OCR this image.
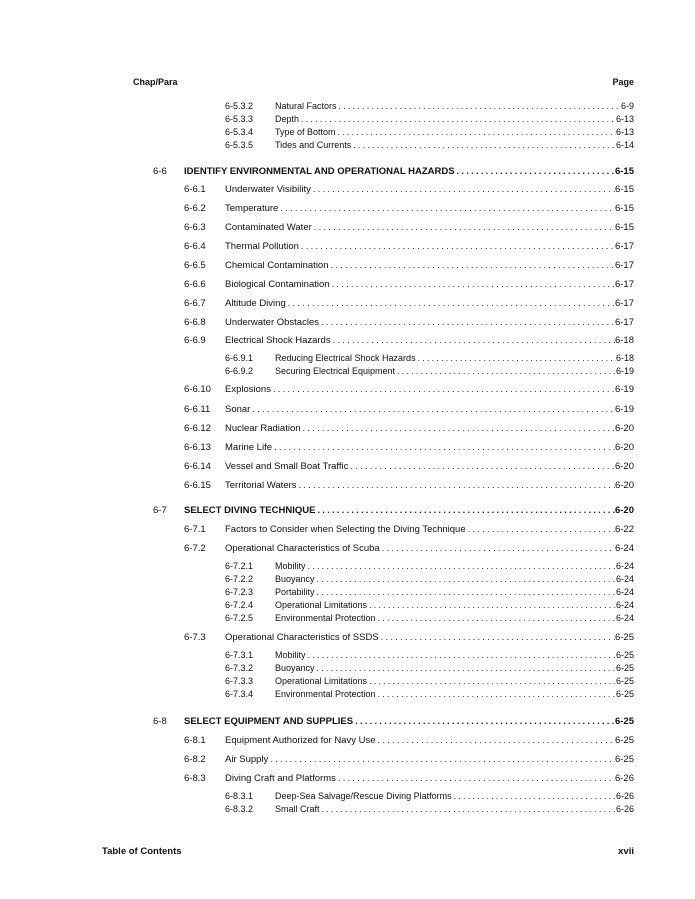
Chap/Para	Page
6-5.3.2	Natural Factors .....	6-9
6-5.3.3	Depth .....	6-13
6-5.3.4	Type of Bottom .....	6-13
6-5.3.5	Tides and Currents .....	6-14
6-6	IDENTIFY ENVIRONMENTAL AND OPERATIONAL HAZARDS .....	6-15
6-6.1	Underwater Visibility .....	6-15
6-6.2	Temperature .....	6-15
6-6.3	Contaminated Water .....	6-15
6-6.4	Thermal Pollution .....	6-17
6-6.5	Chemical Contamination .....	6-17
6-6.6	Biological Contamination .....	6-17
6-6.7	Altitude Diving .....	6-17
6-6.8	Underwater Obstacles .....	6-17
6-6.9	Electrical Shock Hazards .....	6-18
6-6.9.1	Reducing Electrical Shock Hazards .....	6-18
6-6.9.2	Securing Electrical Equipment .....	6-19
6-6.10	Explosions .....	6-19
6-6.11	Sonar .....	6-19
6-6.12	Nuclear Radiation .....	6-20
6-6.13	Marine Life .....	6-20
6-6.14	Vessel and Small Boat Traffic .....	6-20
6-6.15	Territorial Waters .....	6-20
6-7	SELECT DIVING TECHNIQUE .....	6-20
6-7.1	Factors to Consider when Selecting the Diving Technique .....	6-22
6-7.2	Operational Characteristics of Scuba .....	6-24
6-7.2.1	Mobility .....	6-24
6-7.2.2	Buoyancy .....	6-24
6-7.2.3	Portability .....	6-24
6-7.2.4	Operational Limitations .....	6-24
6-7.2.5	Environmental Protection .....	6-24
6-7.3	Operational Characteristics of SSDS .....	6-25
6-7.3.1	Mobility .....	6-25
6-7.3.2	Buoyancy .....	6-25
6-7.3.3	Operational Limitations .....	6-25
6-7.3.4	Environmental Protection .....	6-25
6-8	SELECT EQUIPMENT AND SUPPLIES .....	6-25
6-8.1	Equipment Authorized for Navy Use .....	6-25
6-8.2	Air Supply .....	6-25
6-8.3	Diving Craft and Platforms .....	6-26
6-8.3.1	Deep-Sea Salvage/Rescue Diving Platforms .....	6-26
6-8.3.2	Small Craft .....	6-26
Table of Contents	xvii
